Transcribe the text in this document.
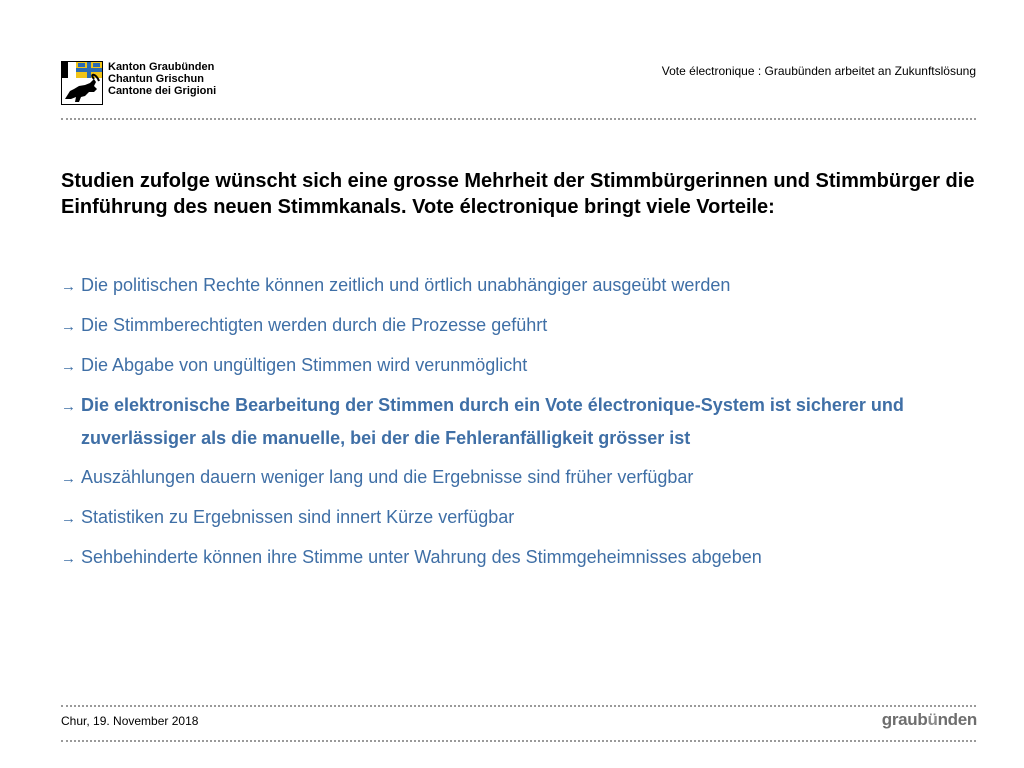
Kanton Graubünden
Chantun Grischun
Cantone dei Grigioni
Vote électronique : Graubünden arbeitet an Zukunftslösung

Studien zufolge wünscht sich eine grosse Mehrheit der Stimmbürgerinnen und Stimmbürger die Einführung des neuen Stimmkanals. Vote électronique bringt viele Vorteile:

→ Die politischen Rechte können zeitlich und örtlich unabhängiger ausgeübt werden
→ Die Stimmberechtigten werden durch die Prozesse geführt
→ Die Abgabe von ungültigen Stimmen wird verunmöglicht
→ Die elektronische Bearbeitung der Stimmen durch ein Vote électronique-System ist sicherer und zuverlässiger als die manuelle, bei der die Fehleranfälligkeit grösser ist
→ Auszählungen dauern weniger lang und die Ergebnisse sind früher verfügbar
→ Statistiken zu Ergebnissen sind innert Kürze verfügbar
→ Sehbehinderte können ihre Stimme unter Wahrung des Stimmgeheimnisses abgeben
Chur, 19. November 2018	graub ü nden
